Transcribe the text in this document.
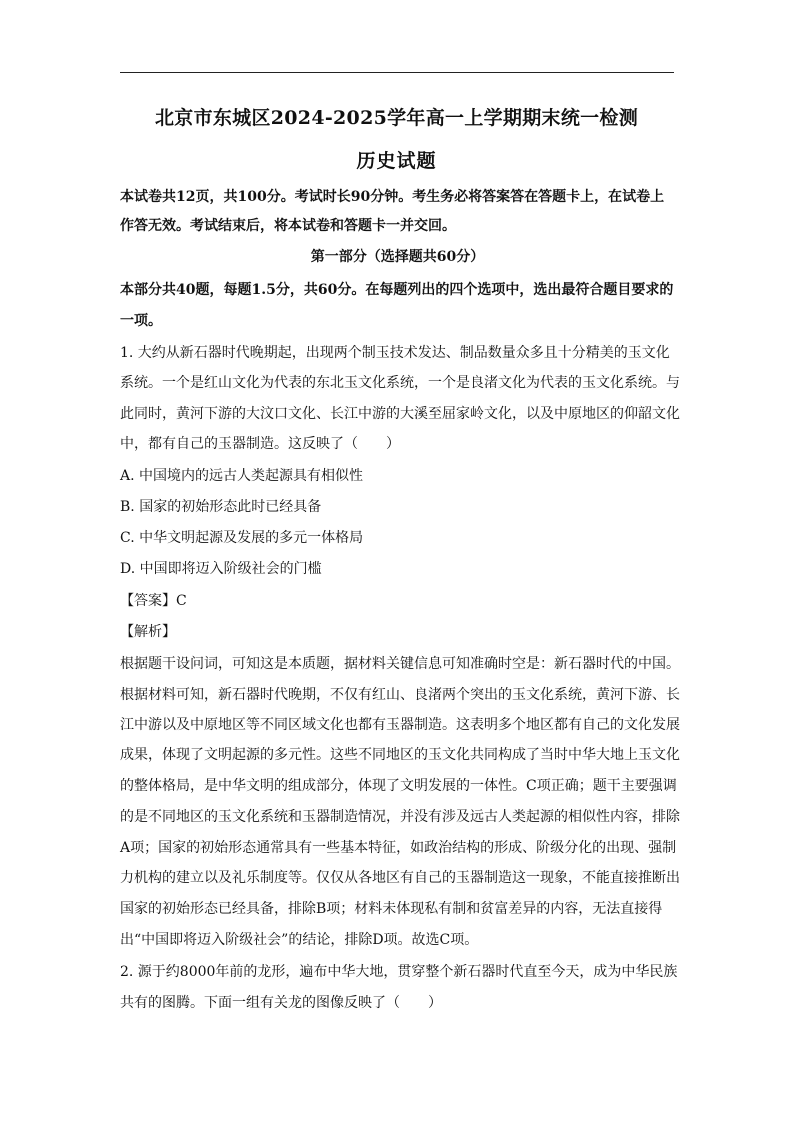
北京市东城区2024-2025学年高一上学期期末统一检测
历史试题
本试卷共12页，共100分。考试时长90分钟。考生务必将答案答在答题卡上，在试卷上
作答无效。考试结束后，将本试卷和答题卡一并交回。
第一部分（选择题共60分）
本部分共40题，每题1.5分，共60分。在每题列出的四个选项中，选出最符合题目要求的
一项。
1. 大约从新石器时代晚期起，出现两个制玉技术发达、制品数量众多且十分精美的玉文化
系统。一个是红山文化为代表的东北玉文化系统，一个是良渚文化为代表的玉文化系统。与
此同时，黄河下游的大汶口文化、长江中游的大溪至屈家岭文化，以及中原地区的仰韶文化
中，都有自己的玉器制造。这反映了（　　）
A. 中国境内的远古人类起源具有相似性
B. 国家的初始形态此时已经具备
C. 中华文明起源及发展的多元一体格局
D. 中国即将迈入阶级社会的门槛
【答案】C
【解析】
根据题干设问词，可知这是本质题，据材料关键信息可知准确时空是：新石器时代的中国。
根据材料可知，新石器时代晚期，不仅有红山、良渚两个突出的玉文化系统，黄河下游、长
江中游以及中原地区等不同区域文化也都有玉器制造。这表明多个地区都有自己的文化发展
成果，体现了文明起源的多元性。这些不同地区的玉文化共同构成了当时中华大地上玉文化
的整体格局，是中华文明的组成部分，体现了文明发展的一体性。C项正确；题干主要强调
的是不同地区的玉文化系统和玉器制造情况，并没有涉及远古人类起源的相似性内容，排除
A项；国家的初始形态通常具有一些基本特征，如政治结构的形成、阶级分化的出现、强制
力机构的建立以及礼乐制度等。仅仅从各地区有自己的玉器制造这一现象，不能直接推断出
国家的初始形态已经具备，排除B项；材料未体现私有制和贫富差异的内容，无法直接得
出“中国即将迈入阶级社会”的结论，排除D项。故选C项。
2. 源于约8000年前的龙形，遍布中华大地，贯穿整个新石器时代直至今天，成为中华民族
共有的图腾。下面一组有关龙的图像反映了（　　）
